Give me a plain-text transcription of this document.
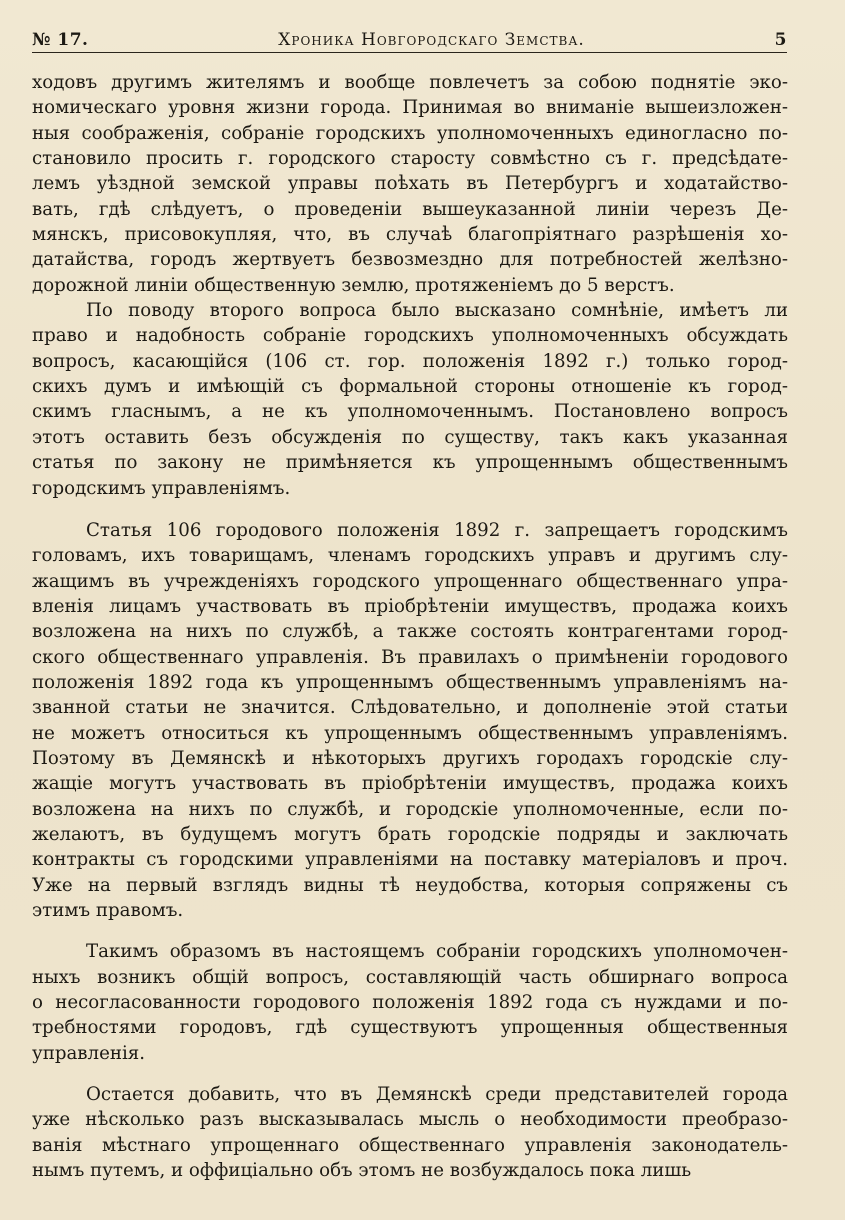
№ 17.	Хроника Новгородскаго Земства.	5
ходовъ другимъ жителямъ и вообще повлечетъ за собою поднятіе эко-
номическаго уровня жизни города. Принимая во вниманіе вышеизложен-
ныя соображенія, собраніе городскихъ уполномоченныхъ единогласно по-
становило просить г. городского старосту совмѣстно съ г. предсѣдате-
лемъ уѣздной земской управы поѣхать въ Петербургъ и ходатайство-
вать, гдѣ слѣдуетъ, о проведеніи вышеуказанной линіи черезъ Де-
мянскъ, присовокупляя, что, въ случаѣ благопріятнаго разрѣшенія хо-
датайства, городъ жертвуетъ безвозмездно для потребностей желѣзно-
дорожной линіи общественную землю, протяженіемъ до 5 верстъ.
По поводу второго вопроса было высказано сомнѣніе, имѣетъ ли
право и надобность собраніе городскихъ уполномоченныхъ обсуждать
вопросъ, касающійся (106 ст. гор. положенія 1892 г.) только город-
скихъ думъ и имѣющій съ формальной стороны отношеніе къ город-
скимъ гласнымъ, а не къ уполномоченнымъ. Постановлено вопросъ
этотъ оставить безъ обсужденія по существу, такъ какъ указанная
статья по закону не примѣняется къ упрощеннымъ общественнымъ
городскимъ управленіямъ.
Статья 106 городового положенія 1892 г. запрещаетъ городскимъ
головамъ, ихъ товарищамъ, членамъ городскихъ управъ и другимъ слу-
жащимъ въ учрежденіяхъ городского упрощеннаго общественнаго упра-
вленія лицамъ участвовать въ пріобрѣтеніи имуществъ, продажа коихъ
возложена на нихъ по службѣ, а также состоять контрагентами город-
ского общественнаго управленія. Въ правилахъ о примѣненіи городового
положенія 1892 года къ упрощеннымъ общественнымъ управленіямъ на-
званной статьи не значится. Слѣдовательно, и дополненіе этой статьи
не можетъ относиться къ упрощеннымъ общественнымъ управленіямъ.
Поэтому въ Демянскѣ и нѣкоторыхъ другихъ городахъ городскіе слу-
жащіе могутъ участвовать въ пріобрѣтеніи имуществъ, продажа коихъ
возложена на нихъ по службѣ, и городскіе уполномоченные, если по-
желаютъ, въ будущемъ могутъ брать городскіе подряды и заключать
контракты съ городскими управленіями на поставку матеріаловъ и проч.
Уже на первый взглядъ видны тѣ неудобства, которыя сопряжены съ
этимъ правомъ.
Такимъ образомъ въ настоящемъ собраніи городскихъ уполномочен-
ныхъ возникъ общій вопросъ, составляющій часть обширнаго вопроса
о несогласованности городового положенія 1892 года съ нуждами и по-
требностями городовъ, гдѣ существуютъ упрощенныя общественныя
управленія.
Остается добавить, что въ Демянскѣ среди представителей города
уже нѣсколько разъ высказывалась мысль о необходимости преобразо-
ванія мѣстнаго упрощеннаго общественнаго управленія законодатель-
нымъ путемъ, и оффиціально объ этомъ не возбуждалось пока лишь
